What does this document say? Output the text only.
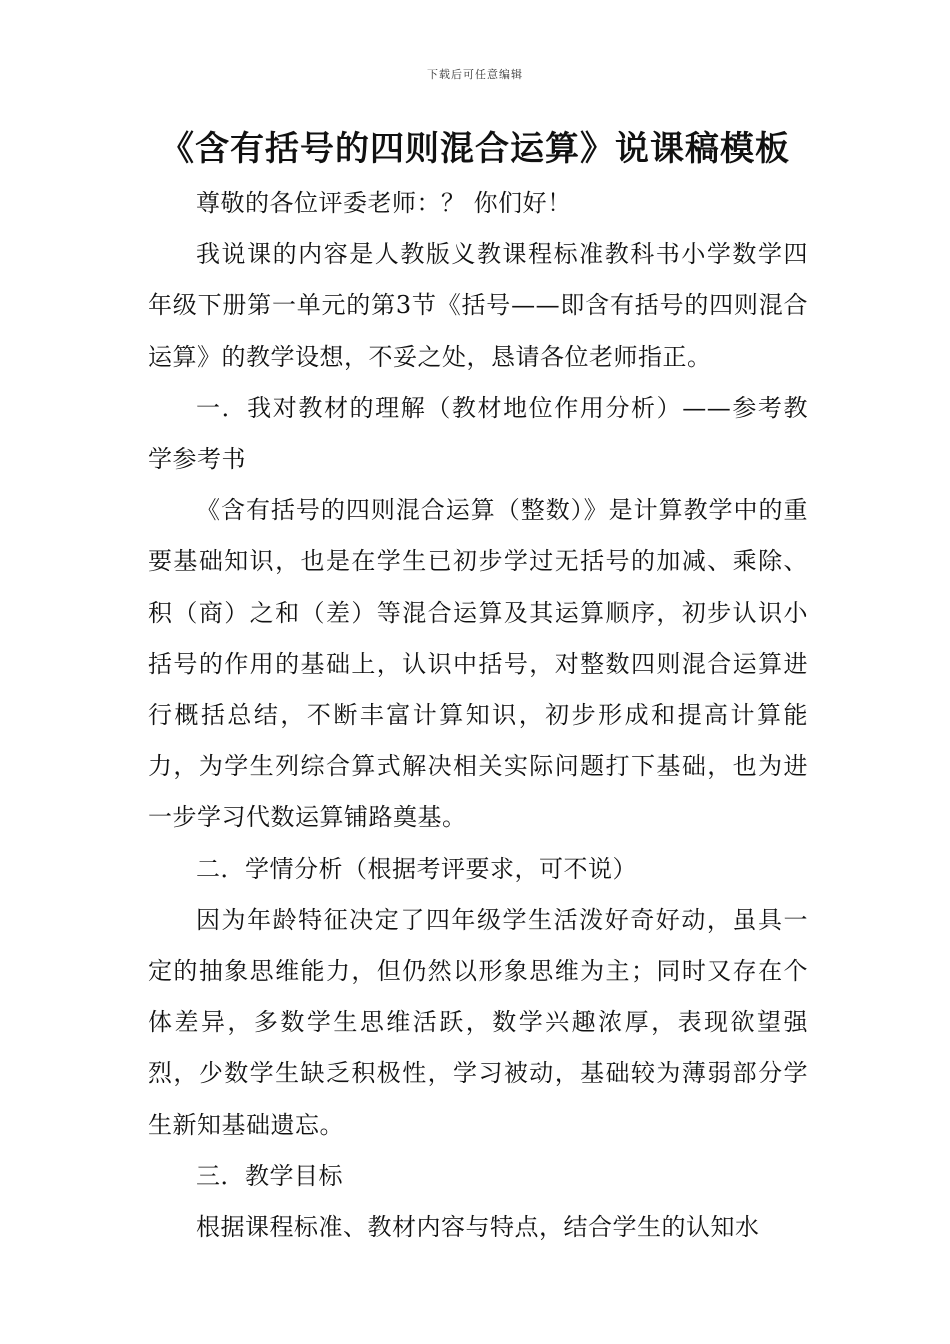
下载后可任意编辑
《含有括号的四则混合运算》说课稿模板

尊敬的各位评委老师：？ 你们好！

我说课的内容是人教版义教课程标准教科书小学数学四年级下册第一单元的第3节《括号——即含有括号的四则混合运算》的教学设想，不妥之处，恳请各位老师指正。

一．我对教材的理解（教材地位作用分析）——参考教学参考书

《含有括号的四则混合运算（整数）》是计算教学中的重要基础知识，也是在学生已初步学过无括号的加减、乘除、积（商）之和（差）等混合运算及其运算顺序，初步认识小括号的作用的基础上，认识中括号，对整数四则混合运算进行概括总结，不断丰富计算知识，初步形成和提高计算能力，为学生列综合算式解决相关实际问题打下基础，也为进一步学习代数运算铺路奠基。

二．学情分析（根据考评要求，可不说）

因为年龄特征决定了四年级学生活泼好奇好动，虽具一定的抽象思维能力，但仍然以形象思维为主；同时又存在个体差异，多数学生思维活跃，数学兴趣浓厚，表现欲望强烈，少数学生缺乏积极性，学习被动，基础较为薄弱部分学生新知基础遗忘。

三．教学目标

根据课程标准、教材内容与特点，结合学生的认知水
